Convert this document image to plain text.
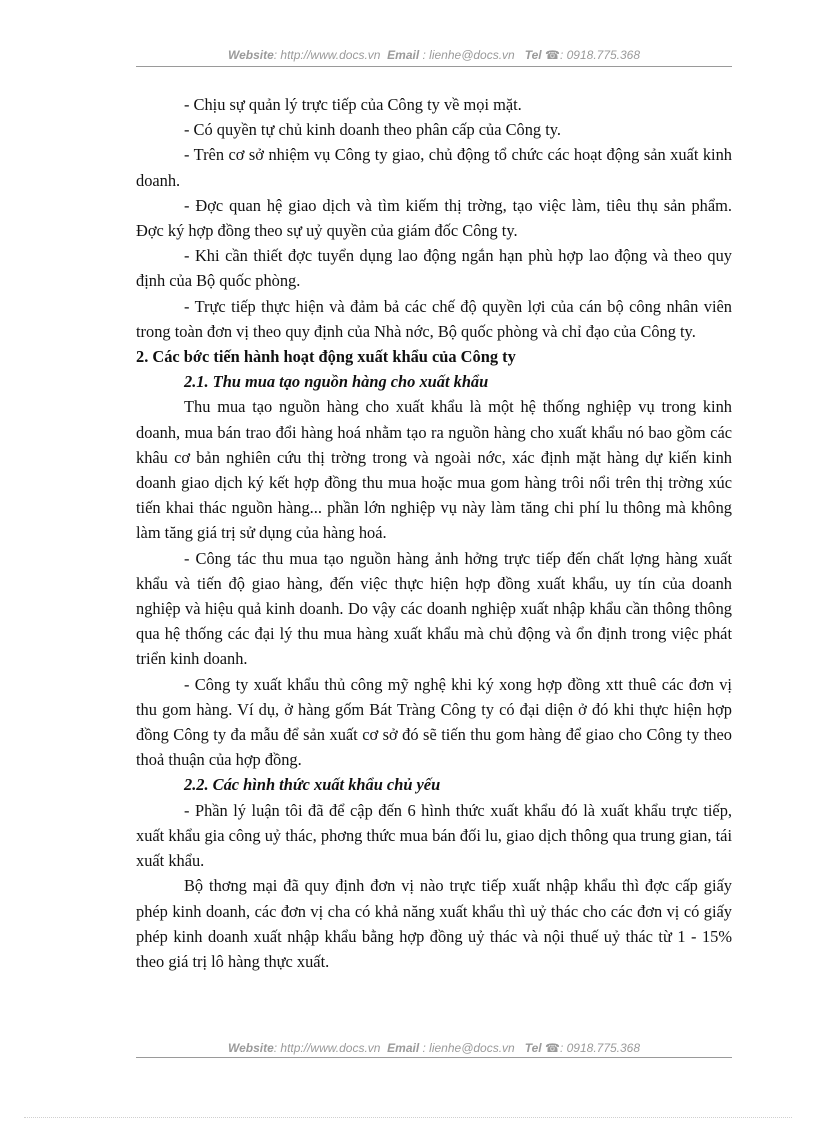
Website: http://www.docs.vn Email : lienhe@docs.vn Tel ☎: 0918.775.368

- Chịu sự quản lý trực tiếp của Công ty về mọi mặt.

- Có quyền tự chủ kinh doanh theo phân cấp của Công ty.

- Trên cơ sở nhiệm vụ Công ty giao, chủ động tổ chức các hoạt động sản xuất kinh doanh.

- Đợc quan hệ giao dịch và tìm kiếm thị trờng, tạo việc làm, tiêu thụ sản phẩm. Đợc ký hợp đồng theo sự uỷ quyền của giám đốc Công ty.

- Khi cần thiết đợc tuyển dụng lao động ngắn hạn phù hợp lao động và theo quy định của Bộ quốc phòng.

- Trực tiếp thực hiện và đảm bả các chế độ quyền lợi của cán bộ công nhân viên trong toàn đơn vị theo quy định của Nhà nớc, Bộ quốc phòng và chỉ đạo của Công ty.

2. Các bớc tiến hành hoạt động xuất khẩu của Công ty

2.1. Thu mua tạo nguồn hàng cho xuất khẩu

Thu mua tạo nguồn hàng cho xuất khẩu là một hệ thống nghiệp vụ trong kinh doanh, mua bán trao đổi hàng hoá nhằm tạo ra nguồn hàng cho xuất khẩu nó bao gồm các khâu cơ bản nghiên cứu thị trờng trong và ngoài nớc, xác định mặt hàng dự kiến kinh doanh giao dịch ký kết hợp đồng thu mua hoặc mua gom hàng trôi nổi trên thị trờng xúc tiến khai thác nguồn hàng... phần lớn nghiệp vụ này làm tăng chi phí lu thông mà không làm tăng giá trị sử dụng của hàng hoá.

- Công tác thu mua tạo nguồn hàng ảnh hởng trực tiếp đến chất lợng hàng xuất khẩu và tiến độ giao hàng, đến việc thực hiện hợp đồng xuất khẩu, uy tín của doanh nghiệp và hiệu quả kinh doanh. Do vậy các doanh nghiệp xuất nhập khẩu cần thông thông qua hệ thống các đại lý thu mua hàng xuất khẩu mà chủ động và ổn định trong việc phát triển kinh doanh.

- Công ty xuất khẩu thủ công mỹ nghệ khi ký xong hợp đồng xtt thuê các đơn vị thu gom hàng. Ví dụ, ở hàng gốm Bát Tràng Công ty có đại diện ở đó khi thực hiện hợp đồng Công ty đa mẫu để sản xuất cơ sở đó sẽ tiến thu gom hàng để giao cho Công ty theo thoả thuận của hợp đồng.

2.2. Các hình thức xuất khẩu chủ yếu

- Phần lý luận tôi đã để cập đến 6 hình thức xuất khẩu đó là xuất khẩu trực tiếp, xuất khẩu gia công uỷ thác, phơng thức mua bán đối lu, giao dịch thông qua trung gian, tái xuất khẩu.

Bộ thơng mại đã quy định đơn vị nào trực tiếp xuất nhập khẩu thì đợc cấp giấy phép kinh doanh, các đơn vị cha có khả năng xuất khẩu thì uỷ thác cho các đơn vị có giấy phép kinh doanh xuất nhập khẩu bằng hợp đồng uỷ thác và nội thuế uỷ thác từ 1 - 15% theo giá trị lô hàng thực xuất.

Website: http://www.docs.vn Email : lienhe@docs.vn Tel ☎: 0918.775.368
